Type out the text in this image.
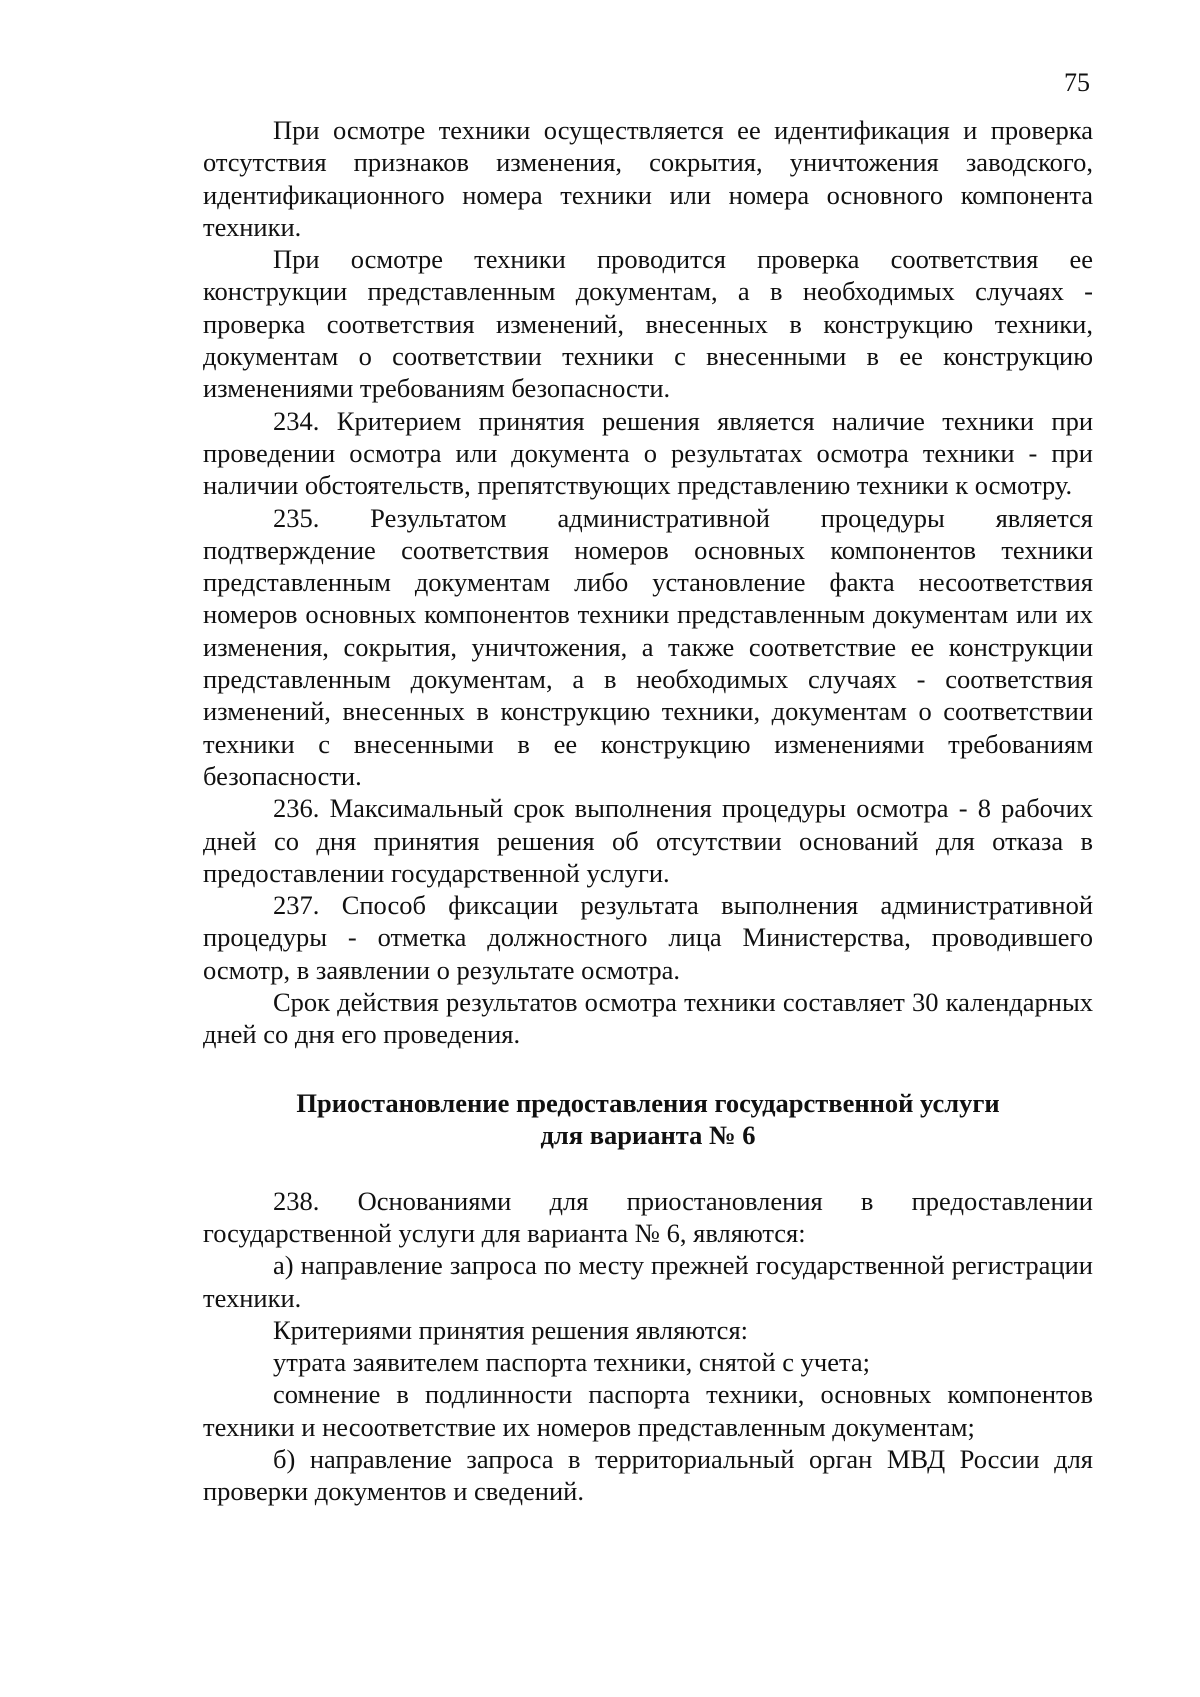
75

При осмотре техники осуществляется ее идентификация и проверка отсутствия признаков изменения, сокрытия, уничтожения заводского, идентификационного номера техники или номера основного компонента техники.

При осмотре техники проводится проверка соответствия ее конструкции представленным документам, а в необходимых случаях - проверка соответствия изменений, внесенных в конструкцию техники, документам о соответствии техники с внесенными в ее конструкцию изменениями требованиям безопасности.

234. Критерием принятия решения является наличие техники при проведении осмотра или документа о результатах осмотра техники - при наличии обстоятельств, препятствующих представлению техники к осмотру.

235. Результатом административной процедуры является подтверждение соответствия номеров основных компонентов техники представленным документам либо установление факта несоответствия номеров основных компонентов техники представленным документам или их изменения, сокрытия, уничтожения, а также соответствие ее конструкции представленным документам, а в необходимых случаях - соответствия изменений, внесенных в конструкцию техники, документам о соответствии техники с внесенными в ее конструкцию изменениями требованиям безопасности.

236. Максимальный срок выполнения процедуры осмотра - 8 рабочих дней со дня принятия решения об отсутствии оснований для отказа в предоставлении государственной услуги.

237. Способ фиксации результата выполнения административной процедуры - отметка должностного лица Министерства, проводившего осмотр, в заявлении о результате осмотра.

Срок действия результатов осмотра техники составляет 30 календарных дней со дня его проведения.

Приостановление предоставления государственной услуги
для варианта № 6

238. Основаниями для приостановления в предоставлении государственной услуги для варианта № 6, являются:

а) направление запроса по месту прежней государственной регистрации техники.

Критериями принятия решения являются:

утрата заявителем паспорта техники, снятой с учета;

сомнение в подлинности паспорта техники, основных компонентов техники и несоответствие их номеров представленным документам;

б) направление запроса в территориальный орган МВД России для проверки документов и сведений.
